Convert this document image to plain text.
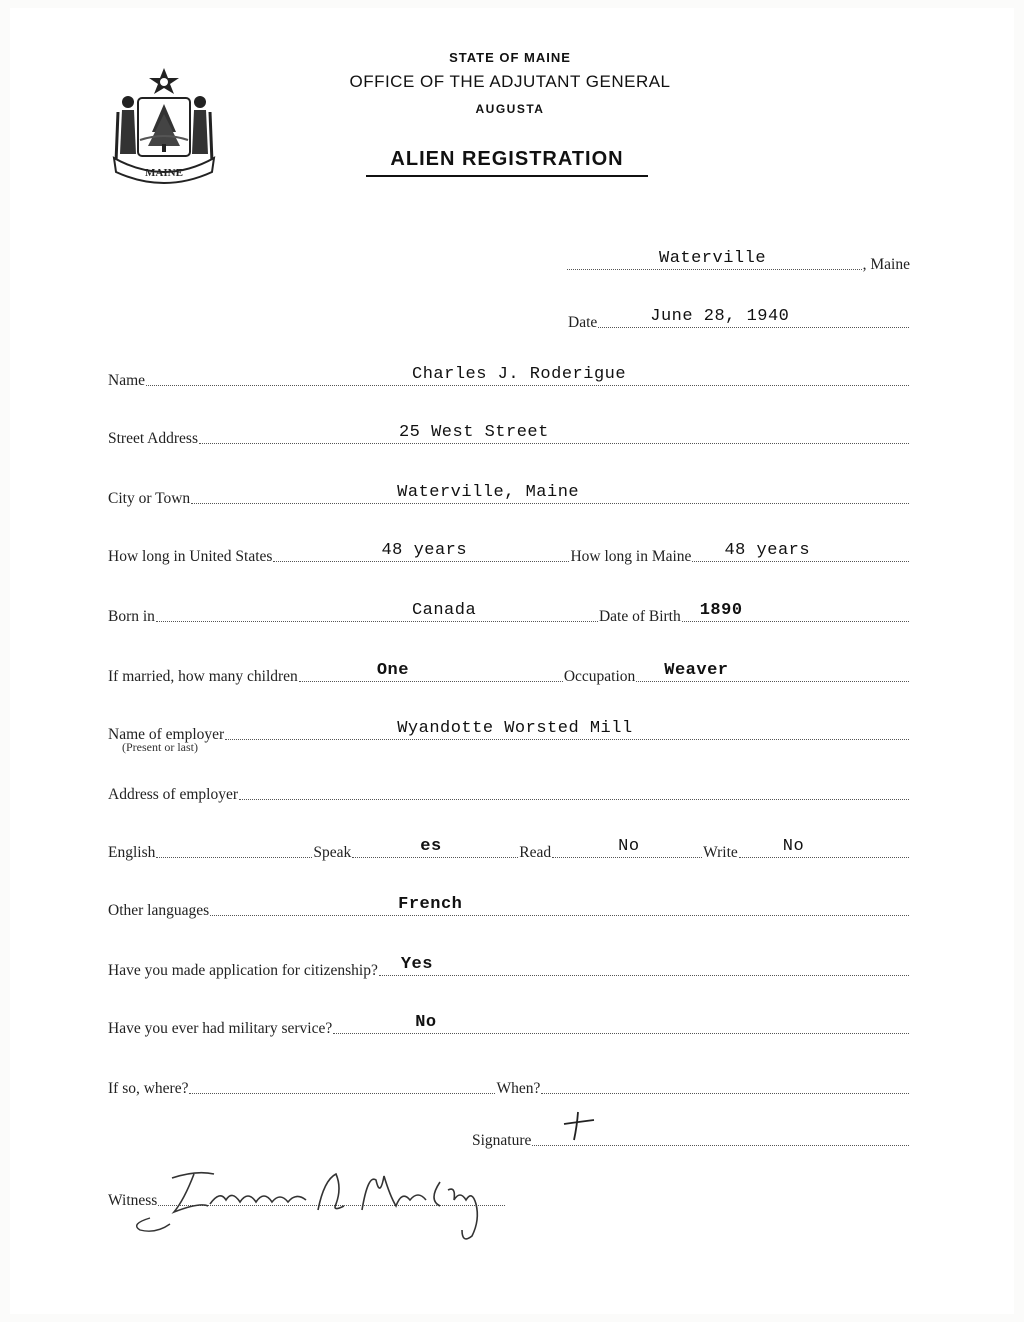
MAINE
STATE OF MAINE
OFFICE OF THE ADJUTANT GENERAL
AUGUSTA
ALIEN REGISTRATION
Waterville	, Maine
Date	June 28, 1940
Name	Charles J. Roderigue
Street Address	25 West Street
City or Town	Waterville, Maine
How long in United States	48 years	How long in Maine 48 years
Born in	Canada	Date of Birth 1890
If married, how many children	One	Occupation Weaver
Name of employer	Wyandotte Worsted Mill
(Present or last)
Address of employer
English	Speak	es	Read	No	Write	No
Other languages	French
Have you made application for citizenship? Yes
Have you ever had military service?	No
If so, where?	When?
Signature
Witness
